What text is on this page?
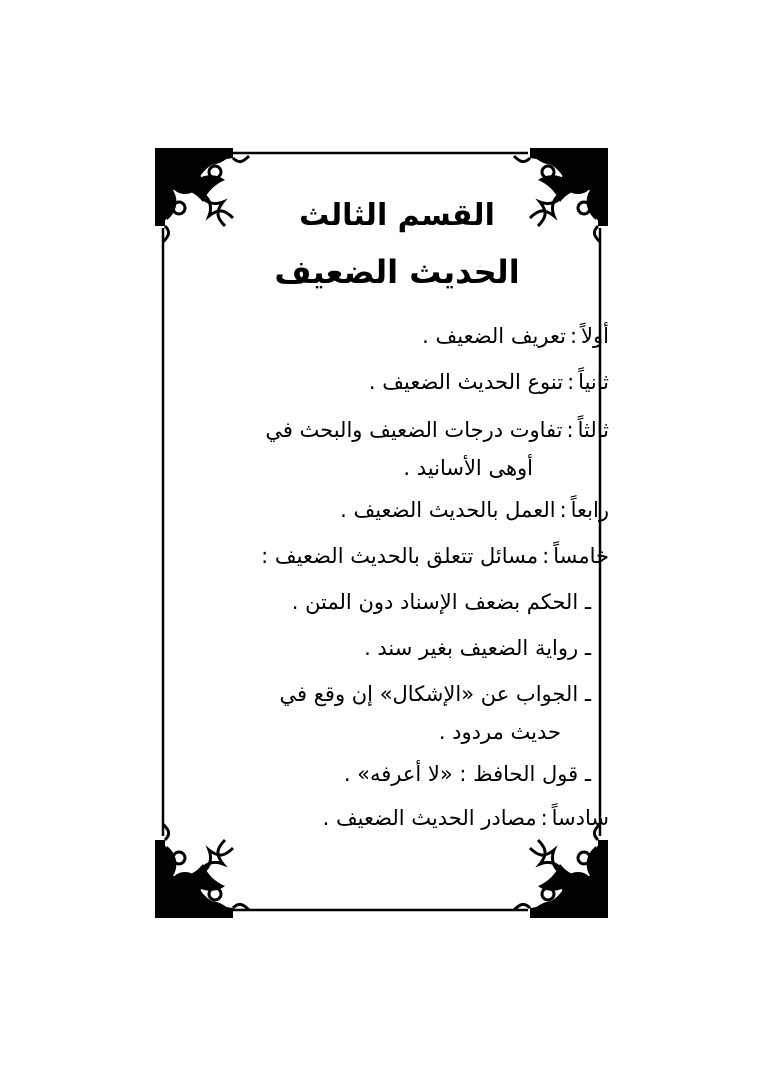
القسم الثالث
الحديث الضعيف
أولاً:تعريف الضعيف .
ثانياً:تنوع الحديث الضعيف .
ثالثاً:تفاوت درجات الضعيف والبحث في
أوهى الأسانيد .
رابعاً:العمل بالحديث الضعيف .
خامساً:مسائل تتعلق بالحديث الضعيف :
ـ الحكم بضعف الإسناد دون المتن .
ـ رواية الضعيف بغير سند .
ـ الجواب عن «الإشكال» إن وقع في
حديث مردود .
ـ قول الحافظ : «لا أعرفه» .
سادساً:مصادر الحديث الضعيف .
